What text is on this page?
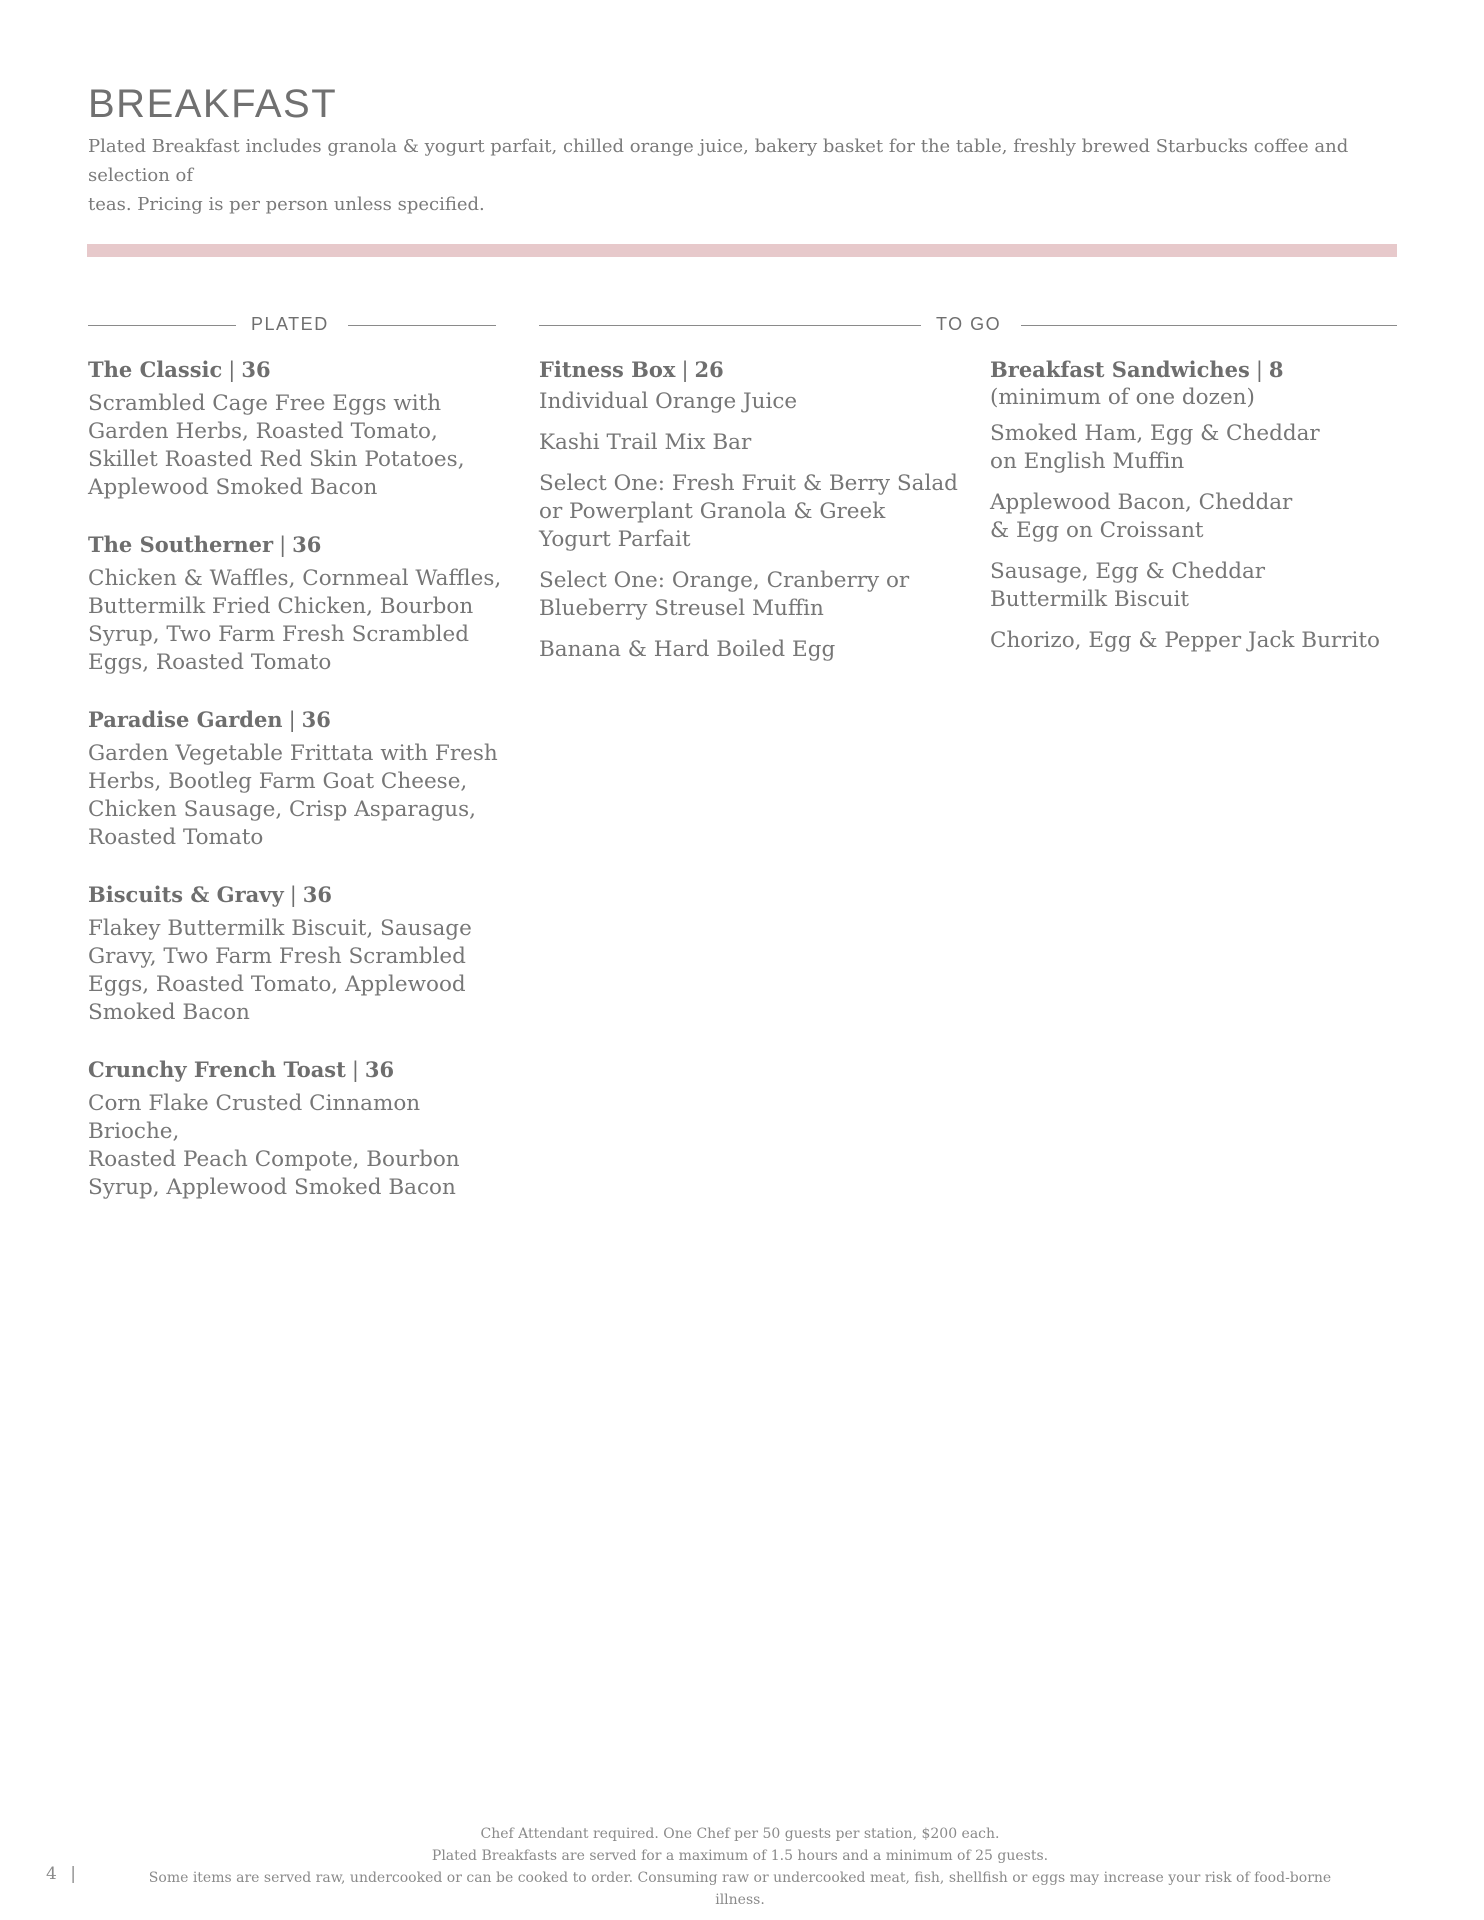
BREAKFAST
Plated Breakfast includes granola & yogurt parfait, chilled orange juice, bakery basket for the table, freshly brewed Starbucks coffee and selection of
teas. Pricing is per person unless specified.
PLATED	TO GO
The Classic | 36
Scrambled Cage Free Eggs with
Garden Herbs, Roasted Tomato,
Skillet Roasted Red Skin Potatoes,
Applewood Smoked Bacon
The Southerner | 36
Chicken & Waffles, Cornmeal Waffles,
Buttermilk Fried Chicken, Bourbon
Syrup, Two Farm Fresh Scrambled
Eggs, Roasted Tomato
Paradise Garden | 36
Garden Vegetable Frittata with Fresh
Herbs, Bootleg Farm Goat Cheese,
Chicken Sausage, Crisp Asparagus,
Roasted Tomato
Biscuits & Gravy | 36
Flakey Buttermilk Biscuit, Sausage
Gravy, Two Farm Fresh Scrambled
Eggs, Roasted Tomato, Applewood
Smoked Bacon
Crunchy French Toast | 36
Corn Flake Crusted Cinnamon Brioche,
Roasted Peach Compote, Bourbon
Syrup, Applewood Smoked Bacon
Fitness Box | 26
Individual Orange Juice
Kashi Trail Mix Bar
Select One: Fresh Fruit & Berry Salad
or Powerplant Granola & Greek
Yogurt Parfait
Select One: Orange, Cranberry or
Blueberry Streusel Muffin
Banana & Hard Boiled Egg
Breakfast Sandwiches | 8
(minimum of one dozen)
Smoked Ham, Egg & Cheddar
on English Muffin
Applewood Bacon, Cheddar
& Egg on Croissant
Sausage, Egg & Cheddar
Buttermilk Biscuit
Chorizo, Egg & Pepper Jack Burrito
Chef Attendant required. One Chef per 50 guests per station, $200 each.
Plated Breakfasts are served for a maximum of 1.5 hours and a minimum of 25 guests.
Some items are served raw, undercooked or can be cooked to order. Consuming raw or undercooked meat, fish, shellfish or eggs may increase your risk of food-borne illness.
4 |
